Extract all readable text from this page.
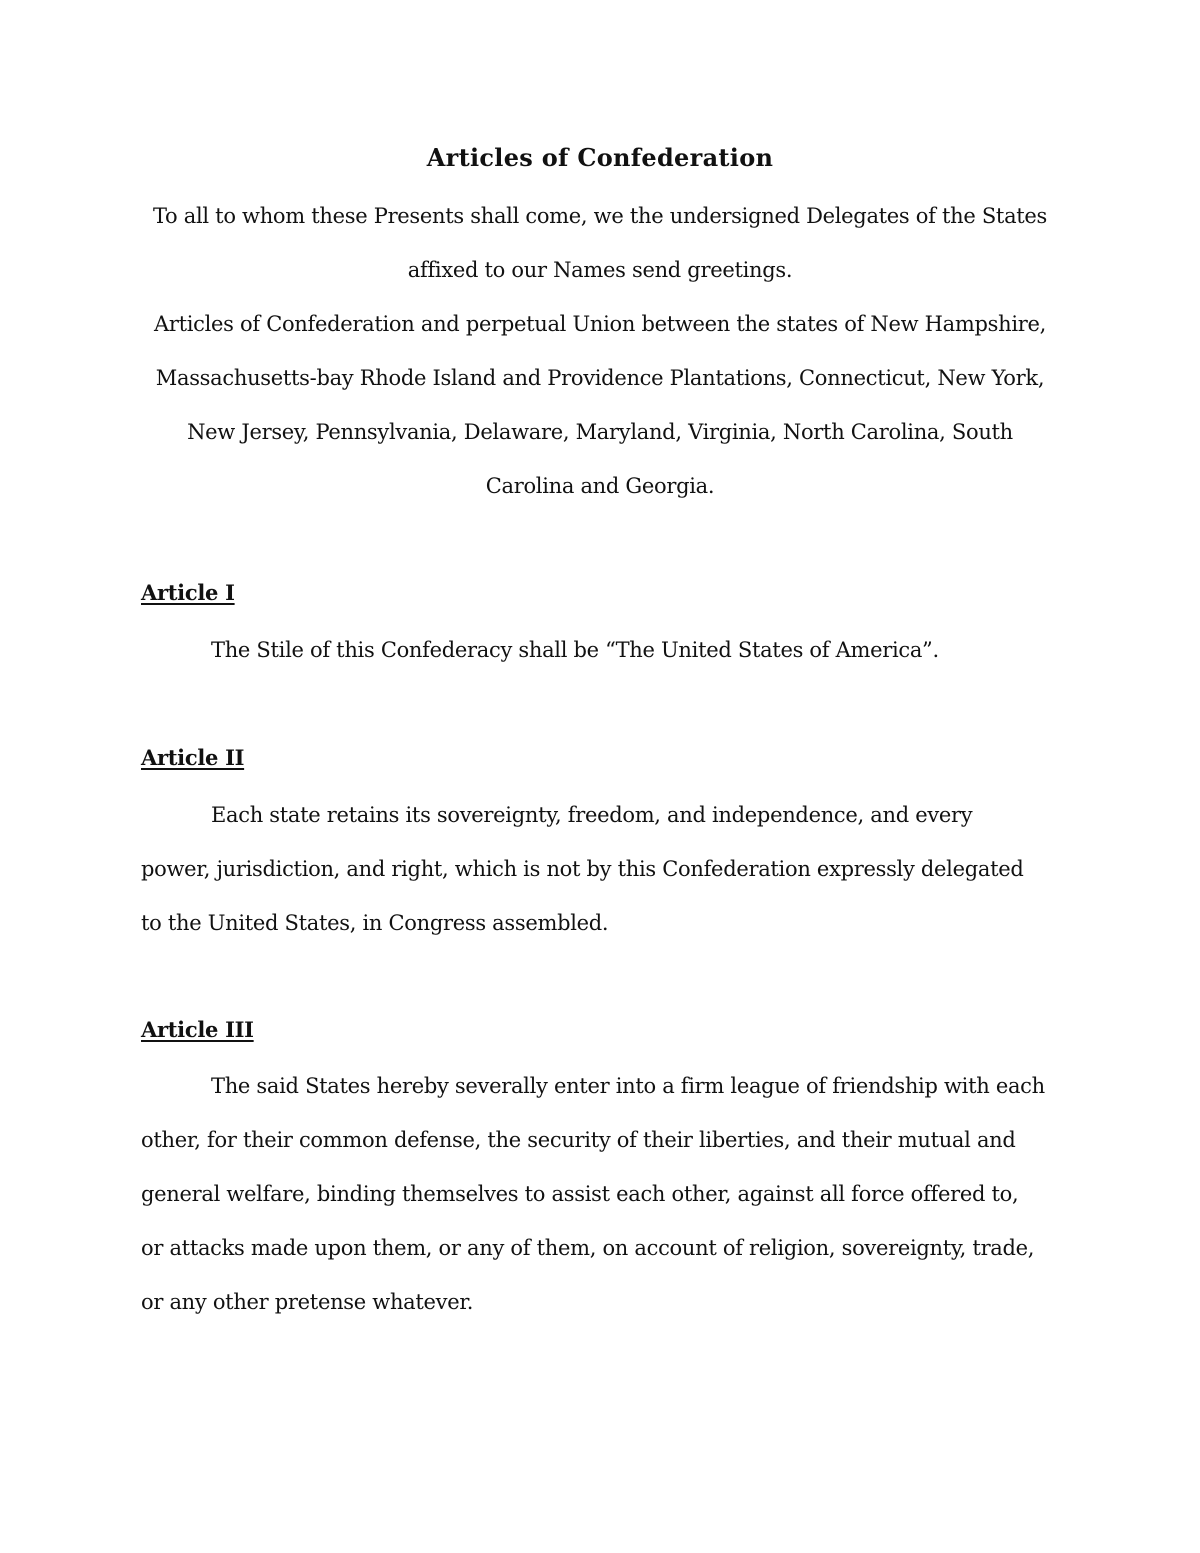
Articles of Confederation

To all to whom these Presents shall come, we the undersigned Delegates of the States affixed to our Names send greetings.

Articles of Confederation and perpetual Union between the states of New Hampshire, Massachusetts-bay Rhode Island and Providence Plantations, Connecticut, New York, New Jersey, Pennsylvania, Delaware, Maryland, Virginia, North Carolina, South Carolina and Georgia.

Article I

The Stile of this Confederacy shall be “The United States of America”.

Article II

Each state retains its sovereignty, freedom, and independence, and every power, jurisdiction, and right, which is not by this Confederation expressly delegated to the United States, in Congress assembled.

Article III

The said States hereby severally enter into a firm league of friendship with each other, for their common defense, the security of their liberties, and their mutual and general welfare, binding themselves to assist each other, against all force offered to, or attacks made upon them, or any of them, on account of religion, sovereignty, trade, or any other pretense whatever.
